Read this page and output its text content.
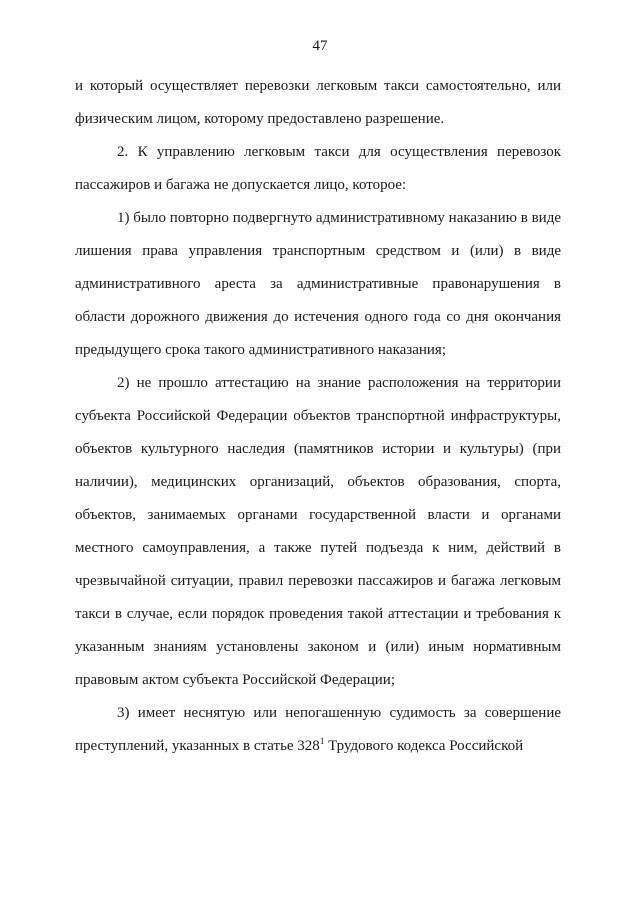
47

и который осуществляет перевозки легковым такси самостоятельно, или физическим лицом, которому предоставлено разрешение.

2. К управлению легковым такси для осуществления перевозок пассажиров и багажа не допускается лицо, которое:

1) было повторно подвергнуто административному наказанию в виде лишения права управления транспортным средством и (или) в виде административного ареста за административные правонарушения в области дорожного движения до истечения одного года со дня окончания предыдущего срока такого административного наказания;

2) не прошло аттестацию на знание расположения на территории субъекта Российской Федерации объектов транспортной инфраструктуры, объектов культурного наследия (памятников истории и культуры) (при наличии), медицинских организаций, объектов образования, спорта, объектов, занимаемых органами государственной власти и органами местного самоуправления, а также путей подъезда к ним, действий в чрезвычайной ситуации, правил перевозки пассажиров и багажа легковым такси в случае, если порядок проведения такой аттестации и требования к указанным знаниям установлены законом и (или) иным нормативным правовым актом субъекта Российской Федерации;

3) имеет неснятую или непогашенную судимость за совершение преступлений, указанных в статье $328^1$ Трудового кодекса Российской
